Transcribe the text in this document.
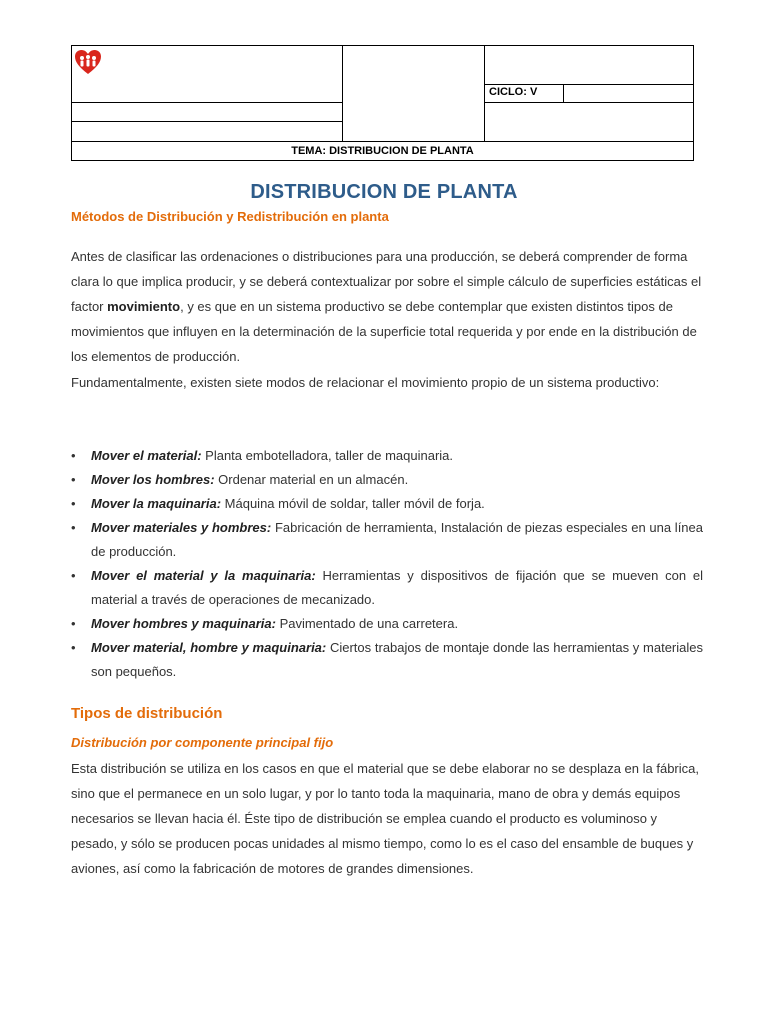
CICLO: V
TEMA: DISTRIBUCION DE PLANTA
DISTRIBUCION DE PLANTA
Métodos de Distribución y Redistribución en planta
Antes de clasificar las ordenaciones o distribuciones para una producción, se deberá comprender de forma clara lo que implica producir, y se deberá contextualizar por sobre el simple cálculo de superficies estáticas el factor movimiento, y es que en un sistema productivo se debe contemplar que existen distintos tipos de movimientos que influyen en la determinación de la superficie total requerida y por ende en la distribución de los elementos de producción.
Fundamentalmente, existen siete modos de relacionar el movimiento propio de un sistema productivo:
• Mover el material: Planta embotelladora, taller de maquinaria.
• Mover los hombres: Ordenar material en un almacén.
• Mover la maquinaria: Máquina móvil de soldar, taller móvil de forja.
• Mover materiales y hombres: Fabricación de herramienta, Instalación de piezas especiales en una línea de producción.
• Mover el material y la maquinaria: Herramientas y dispositivos de fijación que se mueven con el material a través de operaciones de mecanizado.
• Mover hombres y maquinaria: Pavimentado de una carretera.
• Mover material, hombre y maquinaria: Ciertos trabajos de montaje donde las herramientas y materiales son pequeños.
Tipos de distribución
Distribución por componente principal fijo
Esta distribución se utiliza en los casos en que el material que se debe elaborar no se desplaza en la fábrica, sino que el permanece en un solo lugar, y por lo tanto toda la maquinaria, mano de obra y demás equipos necesarios se llevan hacia él. Éste tipo de distribución se emplea cuando el producto es voluminoso y pesado, y sólo se producen pocas unidades al mismo tiempo, como lo es el caso del ensamble de buques y aviones, así como la fabricación de motores de grandes dimensiones.
